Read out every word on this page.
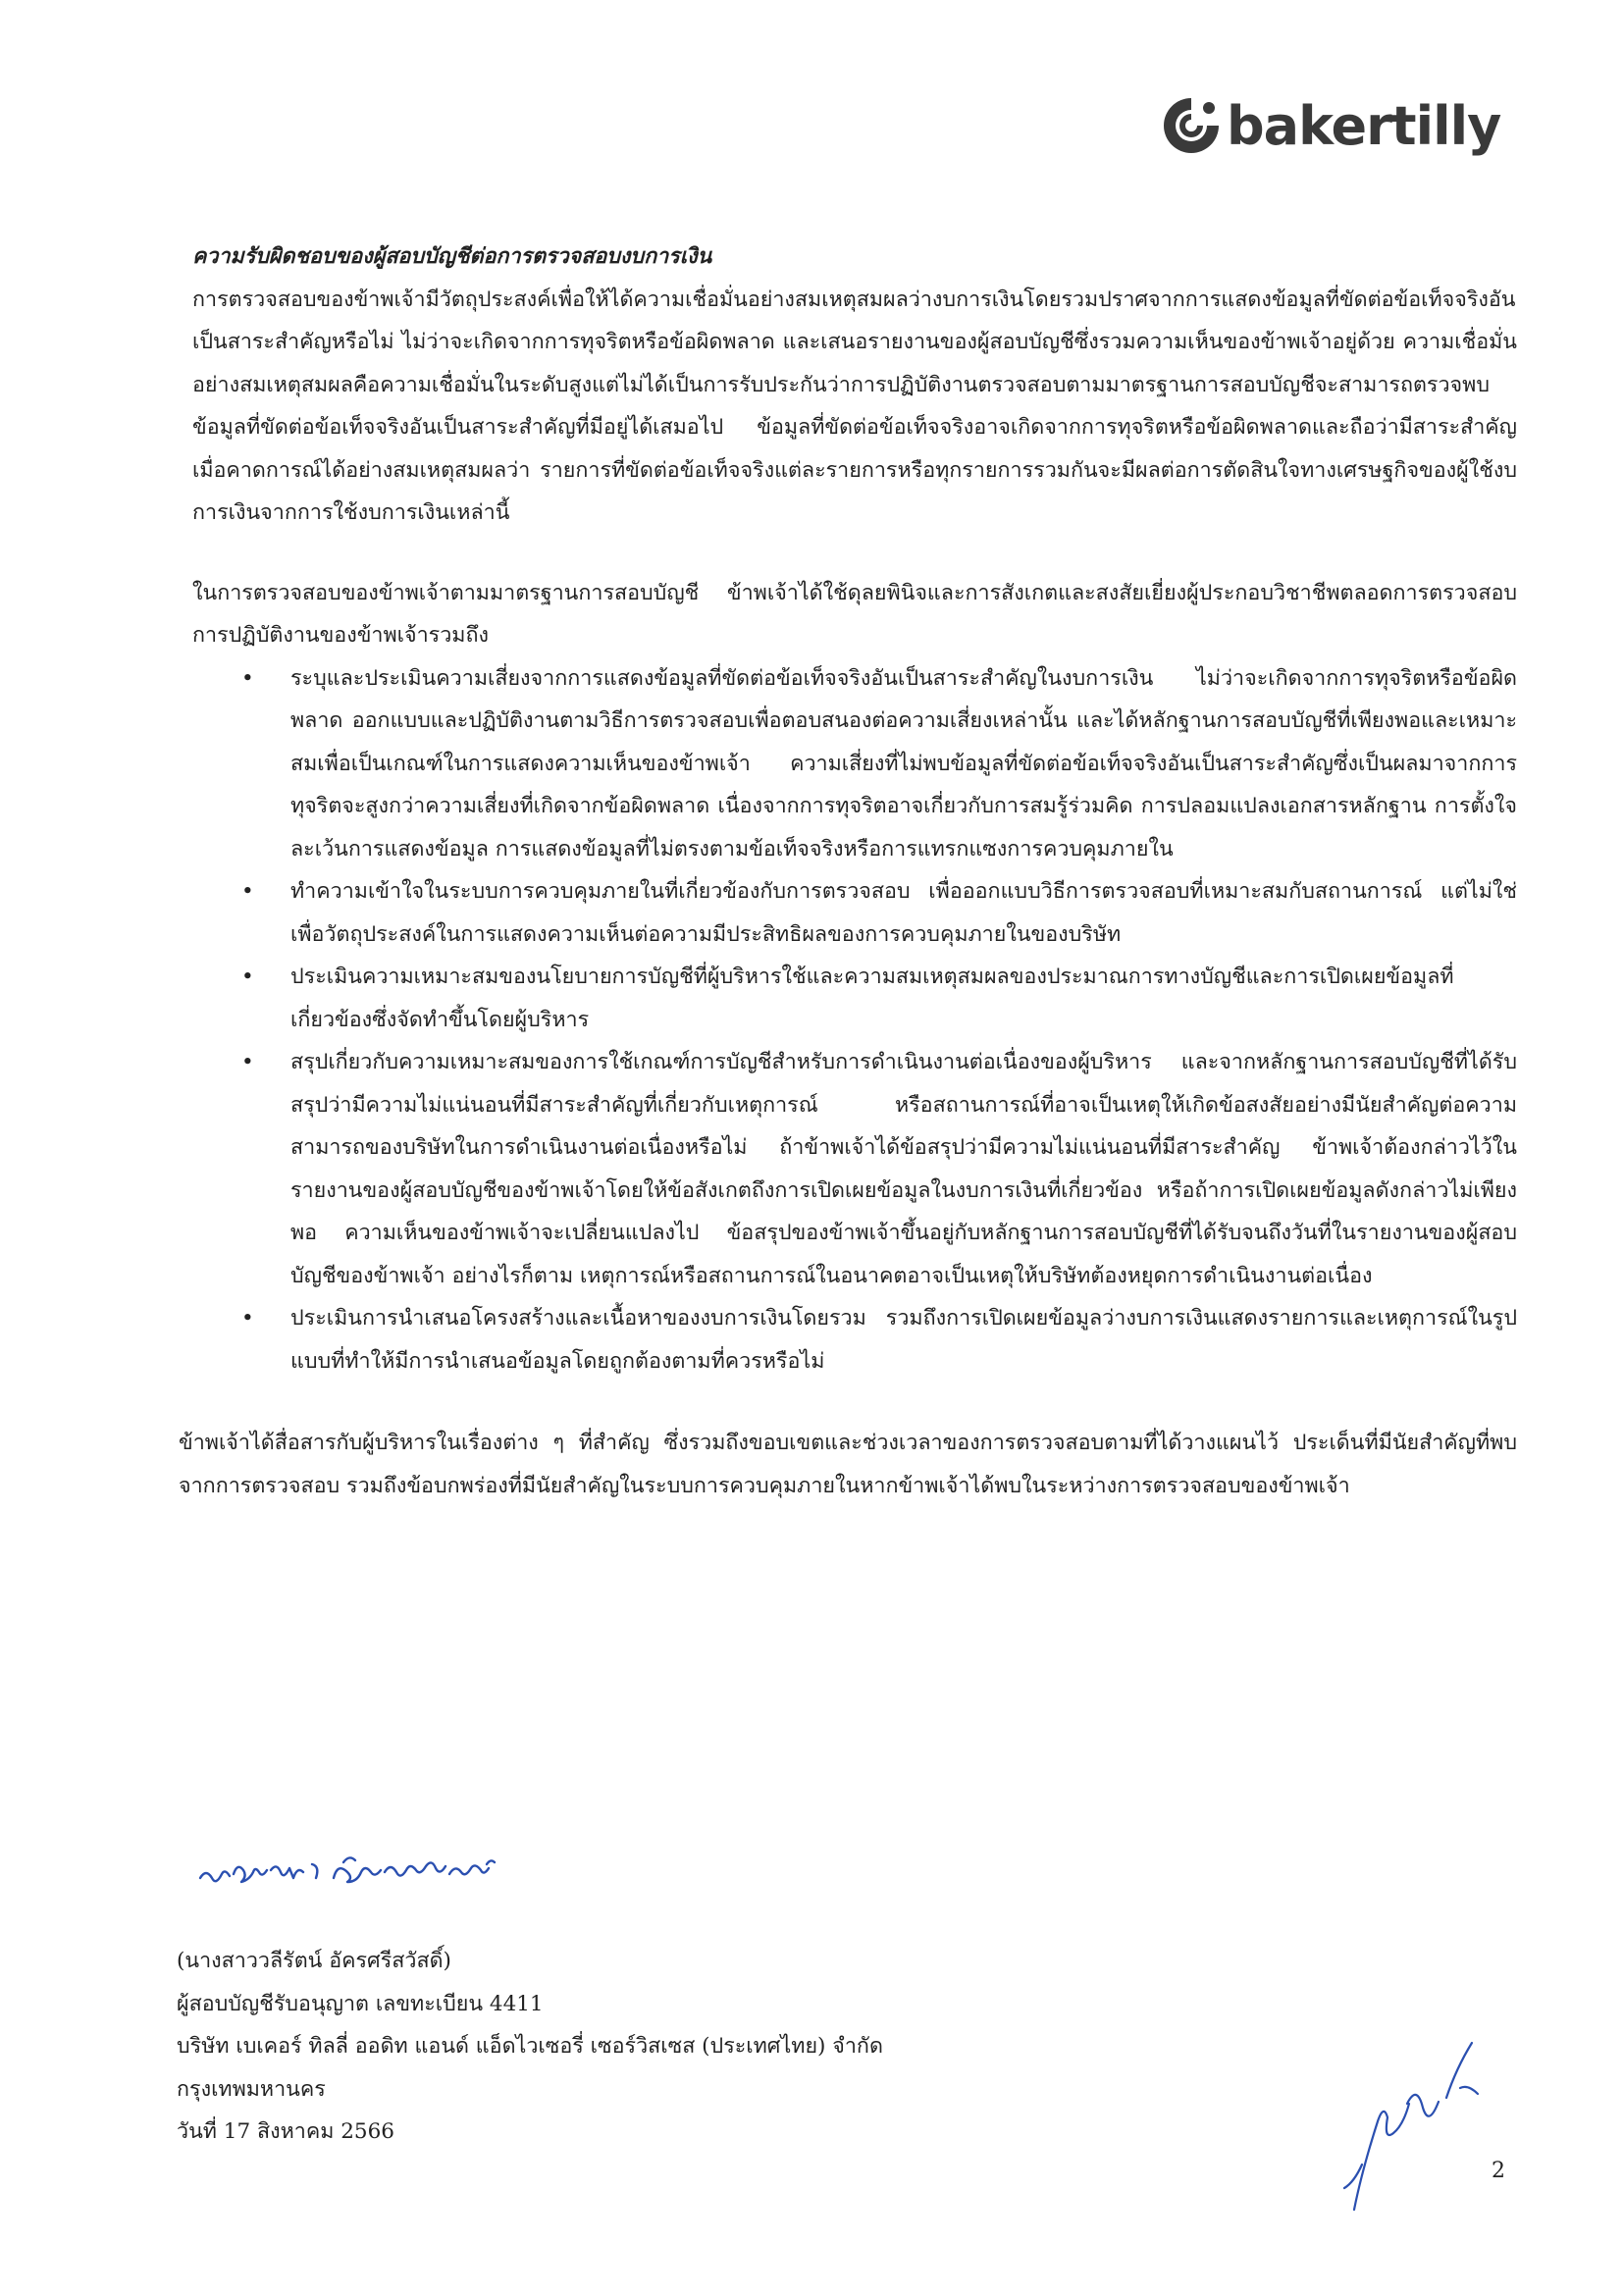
bakertilly

ความรับผิดชอบของผู้สอบบัญชีต่อการตรวจสอบงบการเงิน

การตรวจสอบของข้าพเจ้ามีวัตถุประสงค์เพื่อให้ได้ความเชื่อมั่นอย่างสมเหตุสมผลว่างบการเงินโดยรวมปราศจากการแสดงข้อมูลที่ขัดต่อข้อเท็จจริงอันเป็นสาระสำคัญหรือไม่ ไม่ว่าจะเกิดจากการทุจริตหรือข้อผิดพลาด และเสนอรายงานของผู้สอบบัญชีซึ่งรวมความเห็นของข้าพเจ้าอยู่ด้วย ความเชื่อมั่นอย่างสมเหตุสมผลคือความเชื่อมั่นในระดับสูงแต่ไม่ได้เป็นการรับประกันว่าการปฏิบัติงานตรวจสอบตามมาตรฐานการสอบบัญชีจะสามารถตรวจพบข้อมูลที่ขัดต่อข้อเท็จจริงอันเป็นสาระสำคัญที่มีอยู่ได้เสมอไป ข้อมูลที่ขัดต่อข้อเท็จจริงอาจเกิดจากการทุจริตหรือข้อผิดพลาดและถือว่ามีสาระสำคัญเมื่อคาดการณ์ได้อย่างสมเหตุสมผลว่า รายการที่ขัดต่อข้อเท็จจริงแต่ละรายการหรือทุกรายการรวมกันจะมีผลต่อการตัดสินใจทางเศรษฐกิจของผู้ใช้งบการเงินจากการใช้งบการเงินเหล่านี้

ในการตรวจสอบของข้าพเจ้าตามมาตรฐานการสอบบัญชี ข้าพเจ้าได้ใช้ดุลยพินิจและการสังเกตและสงสัยเยี่ยงผู้ประกอบวิชาชีพตลอดการตรวจสอบ การปฏิบัติงานของข้าพเจ้ารวมถึง

• ระบุและประเมินความเสี่ยงจากการแสดงข้อมูลที่ขัดต่อข้อเท็จจริงอันเป็นสาระสำคัญในงบการเงิน ไม่ว่าจะเกิดจากการทุจริตหรือข้อผิดพลาด ออกแบบและปฏิบัติงานตามวิธีการตรวจสอบเพื่อตอบสนองต่อความเสี่ยงเหล่านั้น และได้หลักฐานการสอบบัญชีที่เพียงพอและเหมาะสมเพื่อเป็นเกณฑ์ในการแสดงความเห็นของข้าพเจ้า ความเสี่ยงที่ไม่พบข้อมูลที่ขัดต่อข้อเท็จจริงอันเป็นสาระสำคัญซึ่งเป็นผลมาจากการทุจริตจะสูงกว่าความเสี่ยงที่เกิดจากข้อผิดพลาด เนื่องจากการทุจริตอาจเกี่ยวกับการสมรู้ร่วมคิด การปลอมแปลงเอกสารหลักฐาน การตั้งใจละเว้นการแสดงข้อมูล การแสดงข้อมูลที่ไม่ตรงตามข้อเท็จจริงหรือการแทรกแซงการควบคุมภายใน
• ทำความเข้าใจในระบบการควบคุมภายในที่เกี่ยวข้องกับการตรวจสอบ เพื่อออกแบบวิธีการตรวจสอบที่เหมาะสมกับสถานการณ์ แต่ไม่ใช่เพื่อวัตถุประสงค์ในการแสดงความเห็นต่อความมีประสิทธิผลของการควบคุมภายในของบริษัท
• ประเมินความเหมาะสมของนโยบายการบัญชีที่ผู้บริหารใช้และความสมเหตุสมผลของประมาณการทางบัญชีและการเปิดเผยข้อมูลที่เกี่ยวข้องซึ่งจัดทำขึ้นโดยผู้บริหาร
• สรุปเกี่ยวกับความเหมาะสมของการใช้เกณฑ์การบัญชีสำหรับการดำเนินงานต่อเนื่องของผู้บริหาร และจากหลักฐานการสอบบัญชีที่ได้รับ สรุปว่ามีความไม่แน่นอนที่มีสาระสำคัญที่เกี่ยวกับเหตุการณ์ หรือสถานการณ์ที่อาจเป็นเหตุให้เกิดข้อสงสัยอย่างมีนัยสำคัญต่อความสามารถของบริษัทในการดำเนินงานต่อเนื่องหรือไม่ ถ้าข้าพเจ้าได้ข้อสรุปว่ามีความไม่แน่นอนที่มีสาระสำคัญ ข้าพเจ้าต้องกล่าวไว้ในรายงานของผู้สอบบัญชีของข้าพเจ้าโดยให้ข้อสังเกตถึงการเปิดเผยข้อมูลในงบการเงินที่เกี่ยวข้อง หรือถ้าการเปิดเผยข้อมูลดังกล่าวไม่เพียงพอ ความเห็นของข้าพเจ้าจะเปลี่ยนแปลงไป ข้อสรุปของข้าพเจ้าขึ้นอยู่กับหลักฐานการสอบบัญชีที่ได้รับจนถึงวันที่ในรายงานของผู้สอบบัญชีของข้าพเจ้า อย่างไรก็ตาม เหตุการณ์หรือสถานการณ์ในอนาคตอาจเป็นเหตุให้บริษัทต้องหยุดการดำเนินงานต่อเนื่อง
• ประเมินการนำเสนอโครงสร้างและเนื้อหาของงบการเงินโดยรวม รวมถึงการเปิดเผยข้อมูลว่างบการเงินแสดงรายการและเหตุการณ์ในรูปแบบที่ทำให้มีการนำเสนอข้อมูลโดยถูกต้องตามที่ควรหรือไม่

ข้าพเจ้าได้สื่อสารกับผู้บริหารในเรื่องต่าง ๆ ที่สำคัญ ซึ่งรวมถึงขอบเขตและช่วงเวลาของการตรวจสอบตามที่ได้วางแผนไว้ ประเด็นที่มีนัยสำคัญที่พบจากการตรวจสอบ รวมถึงข้อบกพร่องที่มีนัยสำคัญในระบบการควบคุมภายในหากข้าพเจ้าได้พบในระหว่างการตรวจสอบของข้าพเจ้า

(นางสาววลีรัตน์ อัครศรีสวัสดิ์)
ผู้สอบบัญชีรับอนุญาต เลขทะเบียน 4411
บริษัท เบเคอร์ ทิลลี่ ออดิท แอนด์ แอ็ดไวเซอรี่ เซอร์วิสเซส (ประเทศไทย) จำกัด
กรุงเทพมหานคร
วันที่ 17 สิงหาคม 2566
2
